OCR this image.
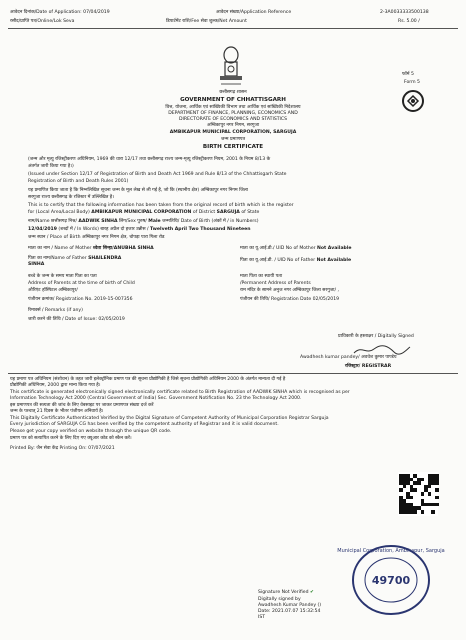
आवेदन दिनांक/Date of Application: 07/04/2019	आवेदन संख्या/Application Reference	2-3A0033333500138
रसीद/प्राप्ति पत्र/Online/Lok Seva	डिपार्टमेंट राशि/Fee सेवा शुल्क/Net Amount	Rs. 5.00 /
फॉर्म 5
Form 5
छत्तीसगढ़ शासन
GOVERNMENT OF CHHATTISGARH
वित्त, योजना, आर्थिक एवं सांख्यिकी विभाग तथा आर्थिक एवं सांख्यिकी निदेशालय
DEPARTMENT OF FINANCE, PLANNING, ECONOMICS AND
DIRECTORATE OF ECONOMICS AND STATISTICS
अम्बिकापुर नगर निगम, सरगुजा
AMBIKAPUR MUNICIPAL CORPORATION, SARGUJA
जन्म प्रमाणपत्र
BIRTH CERTIFICATE
(जन्म और मृत्यु रजिस्ट्रीकरण अधिनियम, 1969 की धारा 12/17 तथा छत्तीसगढ़ राज्य जन्म-मृत्यु रजिस्ट्रीकरण नियम, 2001 के नियम 8/13 के
अंतर्गत जारी किया गया है।)
(Issued under Section 12/17 of Registration of Birth and Death Act 1969 and Rule 8/13 of the Chhattisgarh State
Registration of Birth and Death Rules 2001)
यह प्रमाणित किया जाता है कि निम्नलिखित सूचना जन्म के मूल लेख से ली गई है, जो कि (स्थानीय क्षेत्र) अम्बिकापुर नगर निगम जिला
सरगुजा राज्य छत्तीसगढ़ के रजिस्टर में उल्लिखित है।
This is to certify that the following information has been taken from the original record of birth which is the register
for (Local Area/Local Body) AMBIKAPUR MUNICIPAL CORPORATION of District SARGUJA of State
नाम/Name छत्तीसगढ़ निश्र/ AADWIK SINHA लिंग/Sex पुरुष/ Male जन्मतिथि/ Date of Birth (अंकों में / in Numbers)
12/04/2019 (शब्दों में / In Words) बारह अप्रैल दो हजार उन्नीस / Twelveth April Two Thousand Nineteen
जन्म स्थान / Place of Birth अम्बिकापुर नगर निगम क्षेत्र, चोपड़ा पारा गिला रोड
माता का नाम / Name of Mother श्वेता सिन्हा/ANUBHA SINHA	माता का यू.आई.डी./ UID No of Mother Not Available
पिता का नाम/Name of Father SHAILENDRA
SINHA
पिता का यू.आई.डी. / UID No of Father Not Available
बच्चे के जन्म के समय माता पिता का पता
Address of Parents at the time of birth of Child
औरिएंट हॉस्पिटल अम्बिकापुर/
माता पिता का स्थायी पता
/Permanent Address of Parents
राम मंदिर के सामने अनुज नगर अम्बिकापुर जिला सरगुजा/ ,
पंजीयन क्रमांक/ Registration No. 2019-15-007356	पंजीयन की तिथि/ Registration Date 02/05/2019
रिमार्क्स / Remarks (if any)
जारी करने की तिथि / Date of Issue: 02/05/2019
प्राधिकारी के हस्ताक्षर / Digitally Signed
Awadhesh kumar pandey/ अवधेश कुमार पाण्डेय
रजिस्ट्रार/ REGISTRAR
यह प्रमाण पत्र अधिनियम (संशोधन) के तहत जारी इलेक्ट्रॉनिक प्रमाण पत्र की सूचना प्रौद्योगिकी है जिसे सूचना प्रौद्योगिकी अधिनियम 2000 के अंतर्गत मान्यता दी गई है
प्रौद्योगिकी अधिनियम, 2000 द्वारा मान्य किया गया है।
This certificate is generated electronically signed electronically certificate related to Birth Registration of AADWIK SINHA which is recognised as per
Information Technology Act 2000 (Central Government of India) Sec. Government Notification No. 23 the Technology Act 2000.
इस प्रमाणपत्र की सत्यता की जांच के लिए वेबसाइट पर जाकर प्रमाणपत्र संख्या दर्ज करें
जन्म के पश्चात् 21 दिवस के भीतर पंजीयन अनिवार्य है।
This Digitally Certificate Authenticated Verified by the Digital Signature of Competent Authority of Municipal Corporation Registrar Sarguja
Every jurisdiction of SARGUJA CG has been verified by the competent authority of Registrar and it is valid document.
Please get your copy verified on website through the unique QR code.
प्रमाण पत्र को सत्यापित करने के लिए दिए गए क्यूआर कोड को स्कैन करें।
Printed By: जैन सेवा केंद्र Printing On: 07/07/2021
49700
Municipal Corporation, Ambikapur, Sarguja
Signature Not Verified ✔
Digitally signed by
Awadhesh Kumar Pandey ()
Date: 2021.07.07 15:32:54
IST
